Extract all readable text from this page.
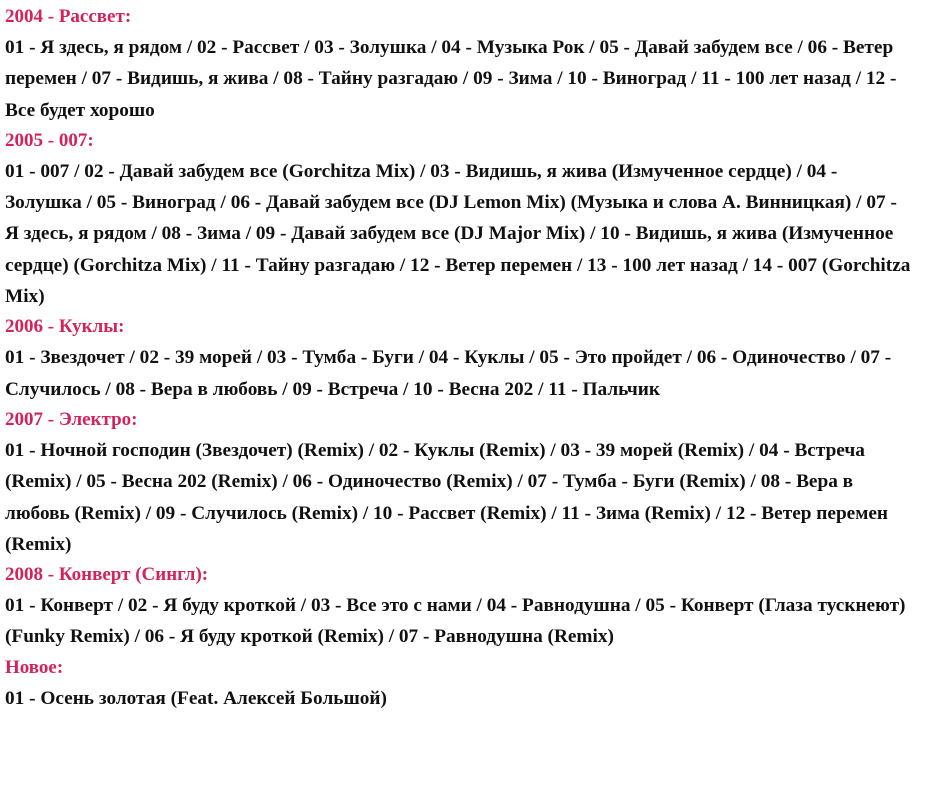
2004 - Рассвет:

01 - Я здесь, я рядом / 02 - Рассвет / 03 - Золушка / 04 - Музыка Рок / 05 - Давай забудем все / 06 - Ветер
перемен / 07 - Видишь, я жива / 08 - Тайну разгадаю / 09 - Зима / 10 - Виноград / 11 - 100 лет назад / 12 -
Все будет хорошо

2005 - 007:

01 - 007 / 02 - Давай забудем все (Gorchitza Mix) / 03 - Видишь, я жива (Измученное сердце) / 04 -
Золушка / 05 - Виноград / 06 - Давай забудем все (DJ Lemon Mix) (Музыка и слова А. Винницкая) / 07 -
Я здесь, я рядом / 08 - Зима / 09 - Давай забудем все (DJ Major Mix) / 10 - Видишь, я жива (Измученное
сердце) (Gorchitza Mix) / 11 - Тайну разгадаю / 12 - Ветер перемен / 13 - 100 лет назад / 14 - 007 (Gorchitza
Mix)

2006 - Куклы:

01 - Звездочет / 02 - 39 морей / 03 - Тумба - Буги / 04 - Куклы / 05 - Это пройдет / 06 - Одиночество / 07 -
Случилось / 08 - Вера в любовь / 09 - Встреча / 10 - Весна 202 / 11 - Пальчик

2007 - Электро:

01 - Ночной господин (Звездочет) (Remix) / 02 - Куклы (Remix) / 03 - 39 морей (Remix) / 04 - Встреча
(Remix) / 05 - Весна 202 (Remix) / 06 - Одиночество (Remix) / 07 - Тумба - Буги (Remix) / 08 - Вера в
любовь (Remix) / 09 - Случилось (Remix) / 10 - Рассвет (Remix) / 11 - Зима (Remix) / 12 - Ветер перемен
(Remix)

2008 - Конверт (Сингл):

01 - Конверт / 02 - Я буду кроткой / 03 - Все это с нами / 04 - Равнодушна / 05 - Конверт (Глаза тускнеют)
(Funky Remix) / 06 - Я буду кроткой (Remix) / 07 - Равнодушна (Remix)

Новое:

01 - Осень золотая (Feat. Алексей Большой)
